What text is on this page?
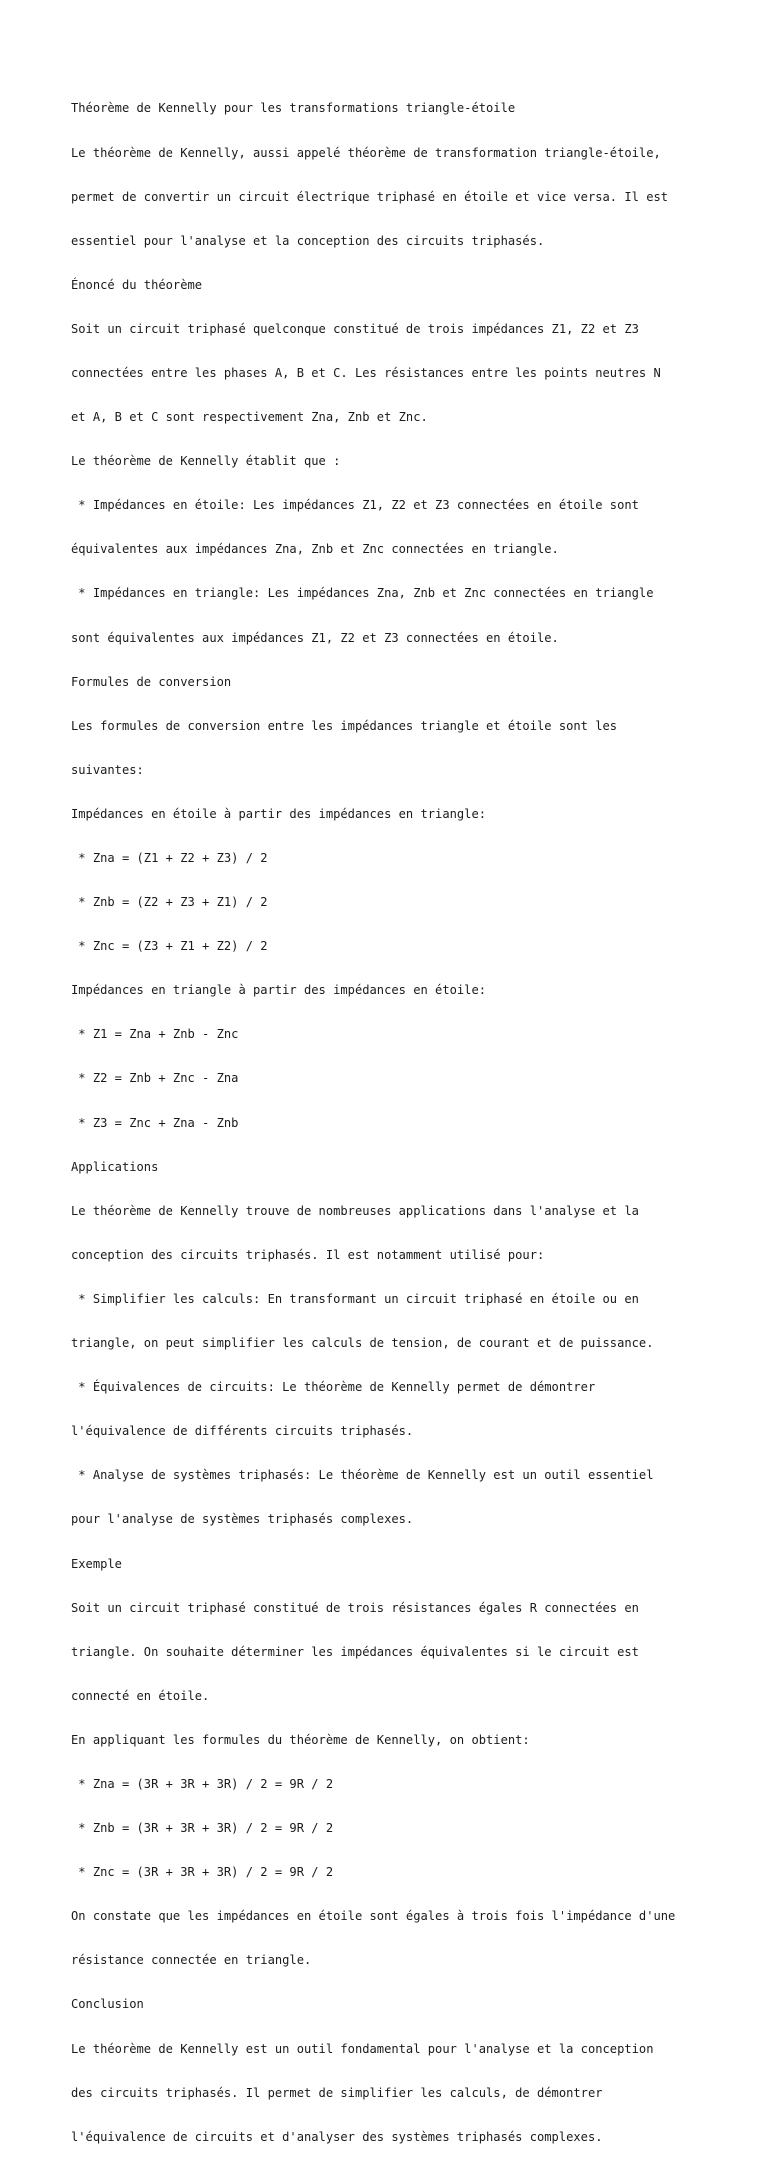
Théorème de Kennelly pour les transformations triangle-étoile

Le théorème de Kennelly, aussi appelé théorème de transformation triangle-étoile,

permet de convertir un circuit électrique triphasé en étoile et vice versa. Il est

essentiel pour l'analyse et la conception des circuits triphasés.

Énoncé du théorème

Soit un circuit triphasé quelconque constitué de trois impédances Z1, Z2 et Z3

connectées entre les phases A, B et C. Les résistances entre les points neutres N

et A, B et C sont respectivement Zna, Znb et Znc.

Le théorème de Kennelly établit que :

* Impédances en étoile: Les impédances Z1, Z2 et Z3 connectées en étoile sont

équivalentes aux impédances Zna, Znb et Znc connectées en triangle.

* Impédances en triangle: Les impédances Zna, Znb et Znc connectées en triangle

sont équivalentes aux impédances Z1, Z2 et Z3 connectées en étoile.

Formules de conversion

Les formules de conversion entre les impédances triangle et étoile sont les

suivantes:

Impédances en étoile à partir des impédances en triangle:

* Zna = (Z1 + Z2 + Z3) / 2

* Znb = (Z2 + Z3 + Z1) / 2

* Znc = (Z3 + Z1 + Z2) / 2

Impédances en triangle à partir des impédances en étoile:

* Z1 = Zna + Znb - Znc

* Z2 = Znb + Znc - Zna

* Z3 = Znc + Zna - Znb

Applications

Le théorème de Kennelly trouve de nombreuses applications dans l'analyse et la

conception des circuits triphasés. Il est notamment utilisé pour:

* Simplifier les calculs: En transformant un circuit triphasé en étoile ou en

triangle, on peut simplifier les calculs de tension, de courant et de puissance.

* Équivalences de circuits: Le théorème de Kennelly permet de démontrer

l'équivalence de différents circuits triphasés.

* Analyse de systèmes triphasés: Le théorème de Kennelly est un outil essentiel

pour l'analyse de systèmes triphasés complexes.

Exemple

Soit un circuit triphasé constitué de trois résistances égales R connectées en

triangle. On souhaite déterminer les impédances équivalentes si le circuit est

connecté en étoile.

En appliquant les formules du théorème de Kennelly, on obtient:

* Zna = (3R + 3R + 3R) / 2 = 9R / 2

* Znb = (3R + 3R + 3R) / 2 = 9R / 2

* Znc = (3R + 3R + 3R) / 2 = 9R / 2

On constate que les impédances en étoile sont égales à trois fois l'impédance d'une

résistance connectée en triangle.

Conclusion

Le théorème de Kennelly est un outil fondamental pour l'analyse et la conception

des circuits triphasés. Il permet de simplifier les calculs, de démontrer

l'équivalence de circuits et d'analyser des systèmes triphasés complexes.
